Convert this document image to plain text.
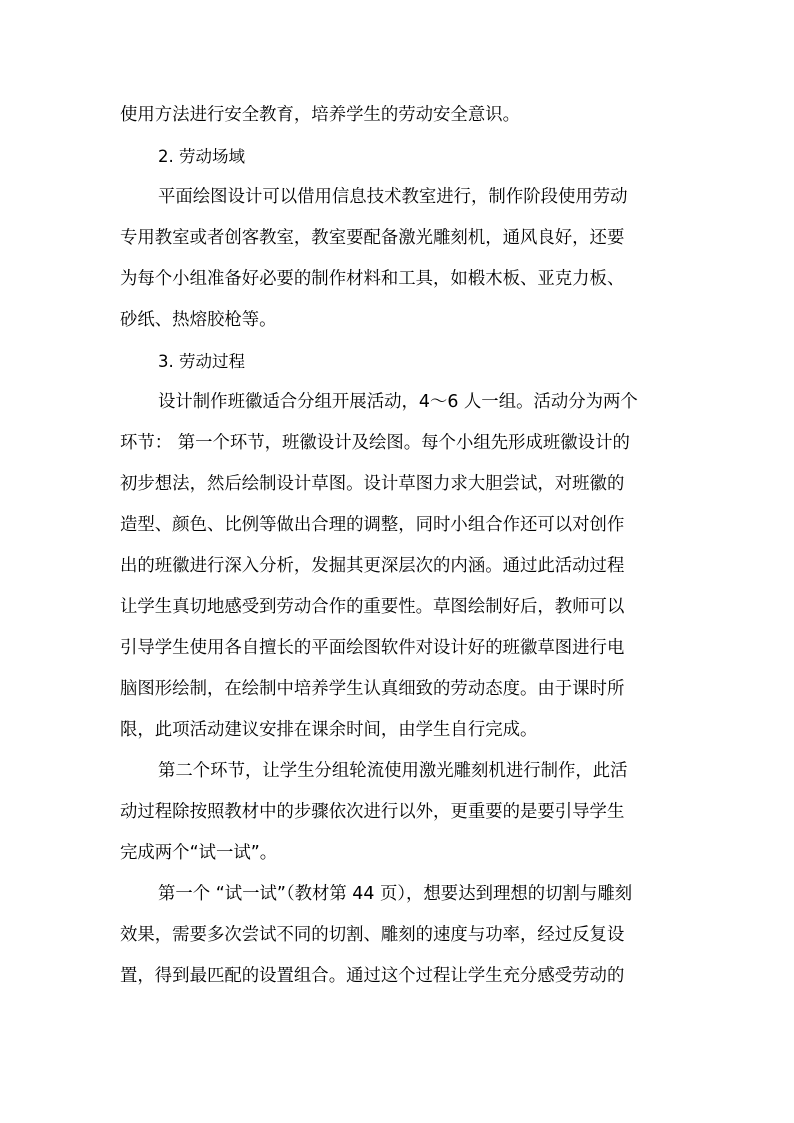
使用方法进行安全教育，培养学生的劳动安全意识。
2. 劳动场域
平面绘图设计可以借用信息技术教室进行，制作阶段使用劳动
专用教室或者创客教室，教室要配备激光雕刻机，通风良好，还要
为每个小组准备好必要的制作材料和工具，如椴木板、亚克力板、
砂纸、热熔胶枪等。
3. 劳动过程
设计制作班徽适合分组开展活动，4～6 人一组。活动分为两个
环节： 第一个环节，班徽设计及绘图。每个小组先形成班徽设计的
初步想法，然后绘制设计草图。设计草图力求大胆尝试，对班徽的
造型、颜色、比例等做出合理的调整，同时小组合作还可以对创作
出的班徽进行深入分析，发掘其更深层次的内涵。通过此活动过程
让学生真切地感受到劳动合作的重要性。草图绘制好后，教师可以
引导学生使用各自擅长的平面绘图软件对设计好的班徽草图进行电
脑图形绘制，在绘制中培养学生认真细致的劳动态度。由于课时所
限，此项活动建议安排在课余时间，由学生自行完成。
第二个环节，让学生分组轮流使用激光雕刻机进行制作，此活
动过程除按照教材中的步骤依次进行以外，更重要的是要引导学生
完成两个“试一试”。
第一个 “试一试”（教材第 44 页），想要达到理想的切割与雕刻
效果，需要多次尝试不同的切割、雕刻的速度与功率，经过反复设
置，得到最匹配的设置组合。通过这个过程让学生充分感受劳动的
